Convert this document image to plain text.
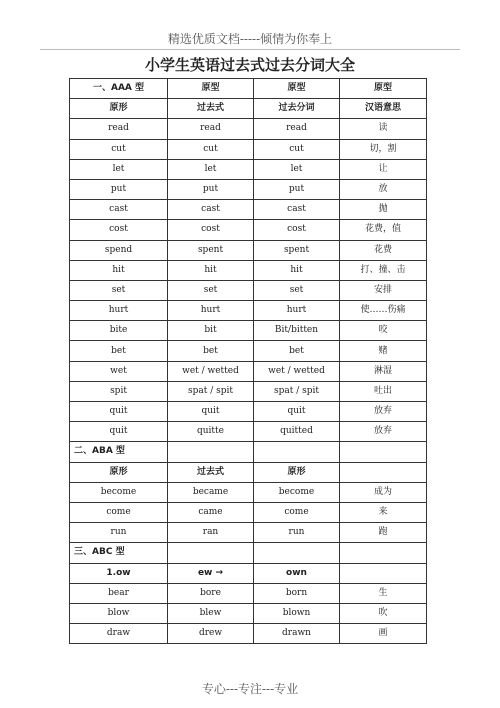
精选优质文档-----倾情为你奉上
小学生英语过去式过去分词大全
一、AAA 型	原型	原型	原型
原形	过去式	过去分词	汉语意思
read	read	read	读
cut	cut	cut	切，割
let	let	let	让
put	put	put	放
cast	cast	cast	抛
cost	cost	cost	花费，值
spend	spent	spent	花费
hit	hit	hit	打、撞、击
set	set	set	安排
hurt	hurt	hurt	使……伤痛
bite	bit	Bit/bitten	咬
bet	bet	bet	赌
wet	wet / wetted	wet / wetted	淋湿
spit	spat / spit	spat / spit	吐出
quit	quit	quit	放弃
quit	quitte	quitted	放弃
二、ABA 型			
原形	过去式	原形	
become	became	become	成为
come	came	come	来
run	ran	run	跑
三、ABC 型			
1.ow	ew →	own	
bear	bore	born	生
blow	blew	blown	吹
draw	drew	drawn	画
专心---专注---专业
